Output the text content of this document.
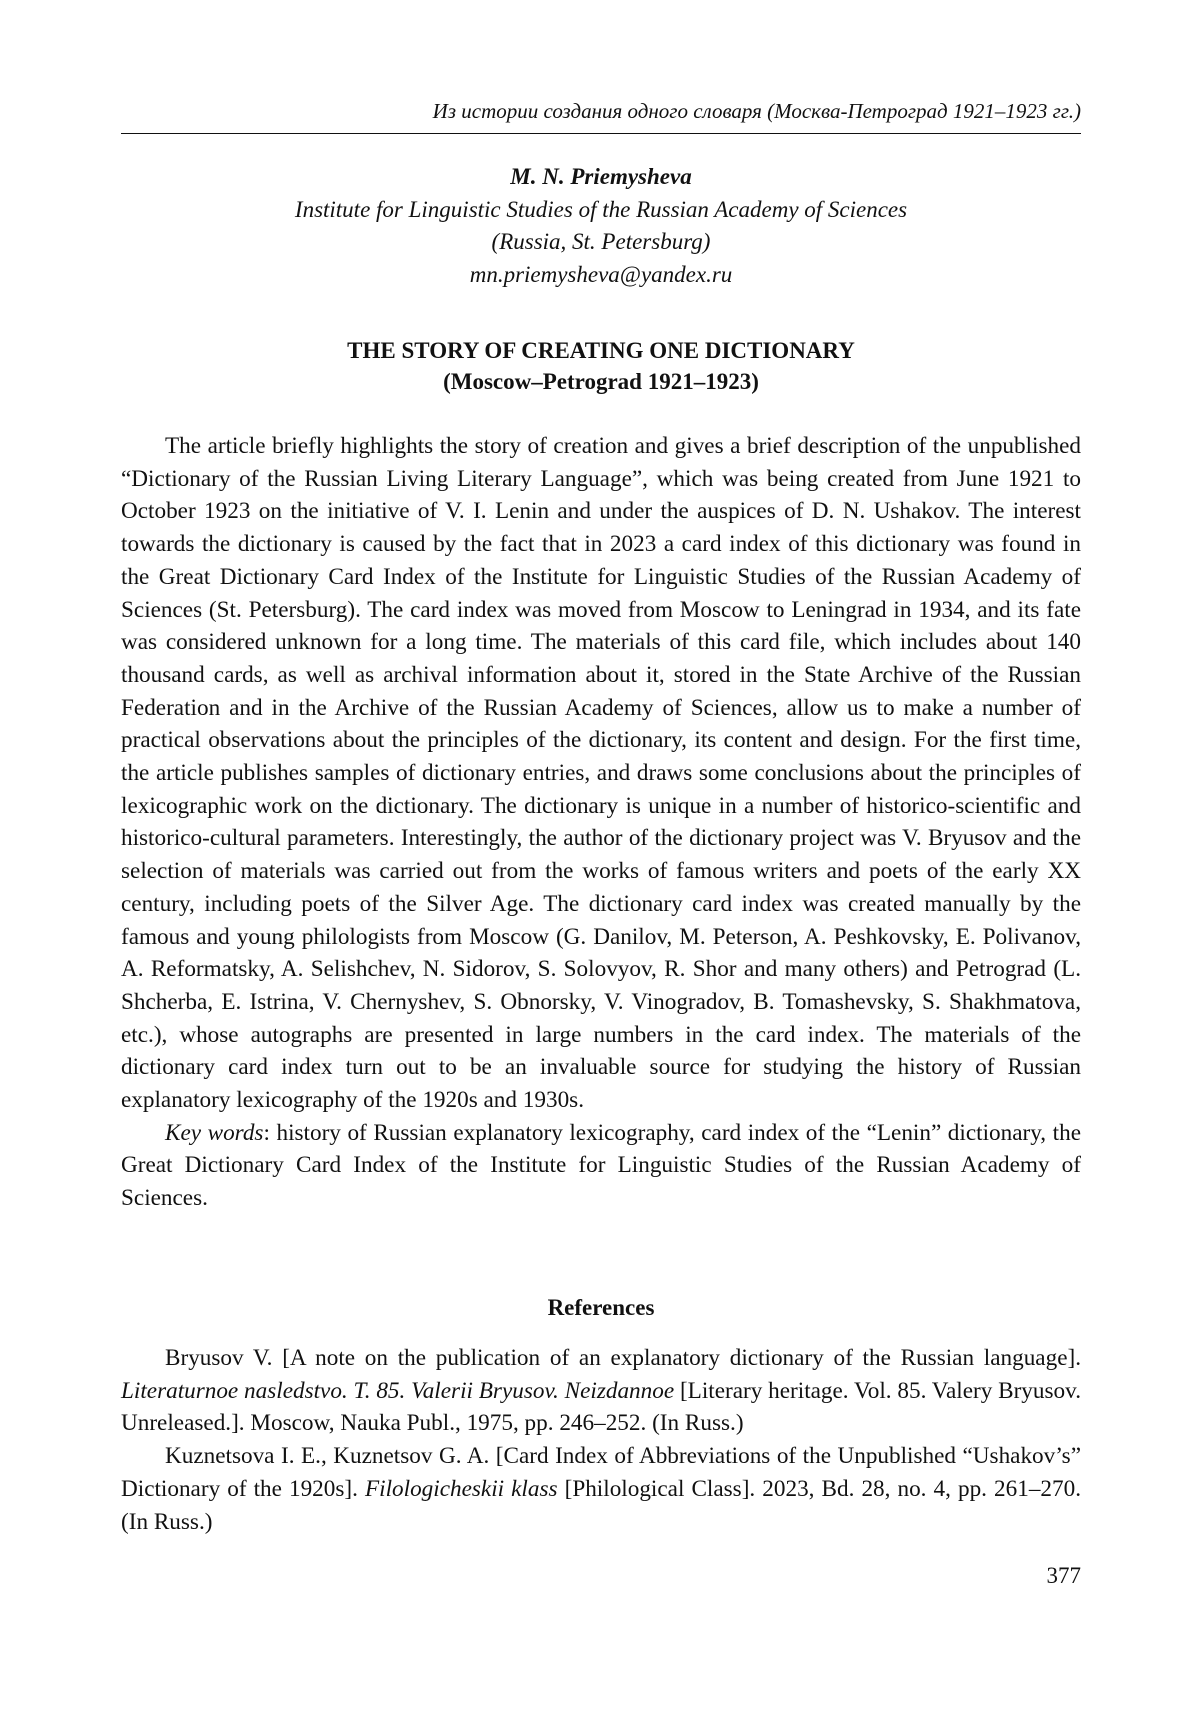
Из истории создания одного словаря (Москва-Петроград 1921–1923 гг.)
M. N. Priemysheva
Institute for Linguistic Studies of the Russian Academy of Sciences
(Russia, St. Petersburg)
mn.priemysheva@yandex.ru
THE STORY OF CREATING ONE DICTIONARY
(Moscow–Petrograd 1921–1923)

The article briefly highlights the story of creation and gives a brief description of the unpublished “Dictionary of the Russian Living Literary Language”, which was being created from June 1921 to October 1923 on the initiative of V. I. Lenin and under the auspices of D. N. Ushakov. The interest towards the dictionary is caused by the fact that in 2023 a card index of this dictionary was found in the Great Dictionary Card Index of the Institute for Linguistic Studies of the Russian Academy of Sciences (St. Petersburg). The card index was moved from Moscow to Leningrad in 1934, and its fate was considered unknown for a long time. The materials of this card file, which includes about 140 thousand cards, as well as archival information about it, stored in the State Archive of the Russian Federation and in the Archive of the Russian Academy of Sciences, allow us to make a number of practical observations about the principles of the dictionary, its content and design. For the first time, the article publishes samples of dictionary entries, and draws some conclusions about the principles of lexicographic work on the dictionary. The dictionary is unique in a number of historico-scientific and historico-cultural parameters. Interestingly, the author of the dictionary project was V. Bryusov and the selection of materials was carried out from the works of famous writers and poets of the early XX century, including poets of the Silver Age. The dictionary card index was created manually by the famous and young philologists from Moscow (G. Danilov, M. Peterson, A. Peshkovsky, E. Polivanov, A. Reformatsky, A. Selishchev, N. Sidorov, S. Solovyov, R. Shor and many others) and Petrograd (L. Shcherba, E. Istrina, V. Chernyshev, S. Obnorsky, V. Vinogradov, B. Tomashevsky, S. Shakhmatova, etc.), whose autographs are presented in large numbers in the card index. The materials of the dictionary card index turn out to be an invaluable source for studying the history of Russian explanatory lexicography of the 1920s and 1930s.

Key words: history of Russian explanatory lexicography, card index of the “Lenin” dictionary, the Great Dictionary Card Index of the Institute for Linguistic Studies of the Russian Academy of Sciences.

References

Bryusov V. [A note on the publication of an explanatory dictionary of the Russian language]. Literaturnoe nasledstvo. T. 85. Valerii Bryusov. Neizdannoe [Literary heritage. Vol. 85. Valery Bryusov. Unreleased.]. Moscow, Nauka Publ., 1975, pp. 246–252. (In Russ.)

Kuznetsova I. E., Kuznetsov G. A. [Card Index of Abbreviations of the Unpublished “Ushakov’s” Dictionary of the 1920s]. Filologicheskii klass [Philological Class]. 2023, Bd. 28, no. 4, pp. 261–270. (In Russ.)

377
